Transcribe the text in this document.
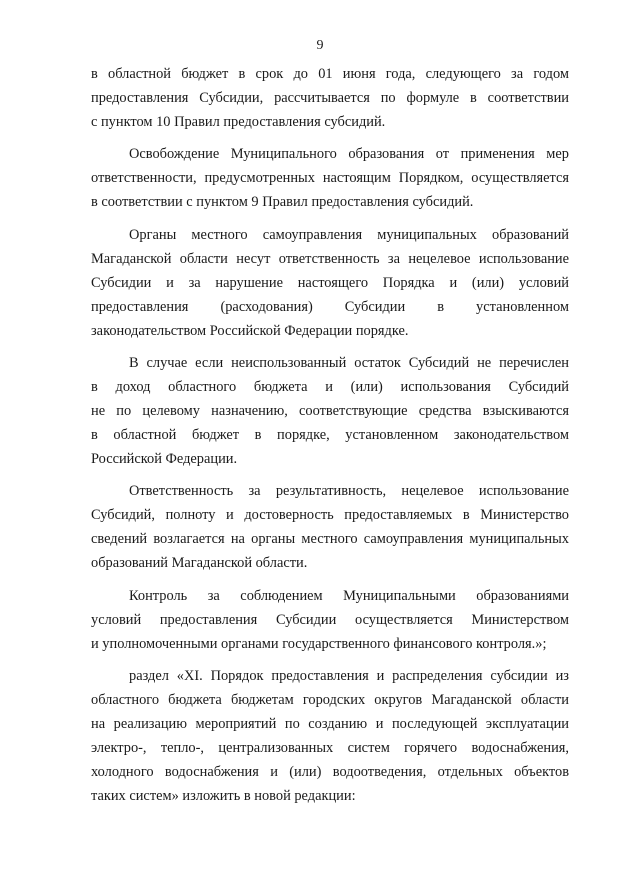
9
в областной бюджет в срок до 01 июня года, следующего за годом
предоставления Субсидии, рассчитывается по формуле в соответствии
с пунктом 10 Правил предоставления субсидий.
Освобождение Муниципального образования от применения мер
ответственности, предусмотренных настоящим Порядком, осуществляется
в соответствии с пунктом 9 Правил предоставления субсидий.
Органы местного самоуправления муниципальных образований
Магаданской области несут ответственность за нецелевое использование
Субсидии и за нарушение настоящего Порядка и (или) условий
предоставления (расходования) Субсидии в установленном
законодательством Российской Федерации порядке.
В случае если неиспользованный остаток Субсидий не перечислен
в доход областного бюджета и (или) использования Субсидий
не по целевому назначению, соответствующие средства взыскиваются
в областной бюджет в порядке, установленном законодательством
Российской Федерации.
Ответственность за результативность, нецелевое использование
Субсидий, полноту и достоверность предоставляемых в Министерство
сведений возлагается на органы местного самоуправления муниципальных
образований Магаданской области.
Контроль за соблюдением Муниципальными образованиями
условий предоставления Субсидии осуществляется Министерством
и уполномоченными органами государственного финансового контроля.»;
раздел «XI. Порядок предоставления и распределения субсидии из
областного бюджета бюджетам городских округов Магаданской области
на реализацию мероприятий по созданию и последующей эксплуатации
электро-, тепло-, централизованных систем горячего водоснабжения,
холодного водоснабжения и (или) водоотведения, отдельных объектов
таких систем» изложить в новой редакции:
